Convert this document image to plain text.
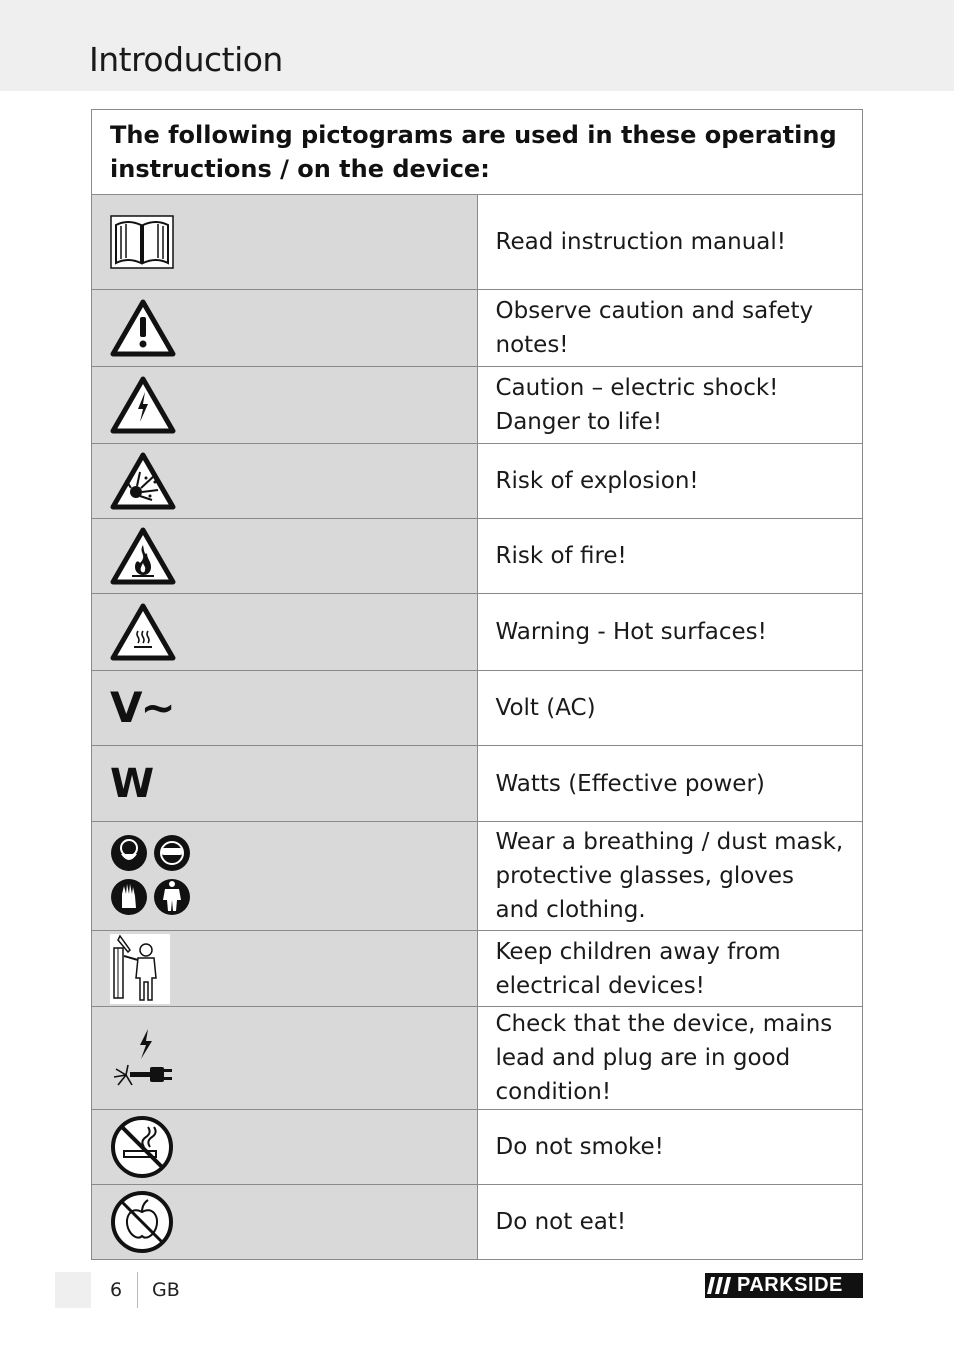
Introduction
The following pictograms are used in these operating instructions / on the device:	

	Read instruction manual!

	Observe caution and safety notes!

	Caution – electric shock! Danger to life!

	Risk of explosion!

	Risk of fire!

	Warning - Hot surfaces!

V~	Volt (AC)

W	Watts (Effective power)

	Wear a breathing / dust mask, protective glasses, gloves and clothing.

	Keep children away from electrical devices!

	Check that the device, mains lead and plug are in good condition!

	Do not smoke!

	Do not eat!
6 GB	PARKSIDE
